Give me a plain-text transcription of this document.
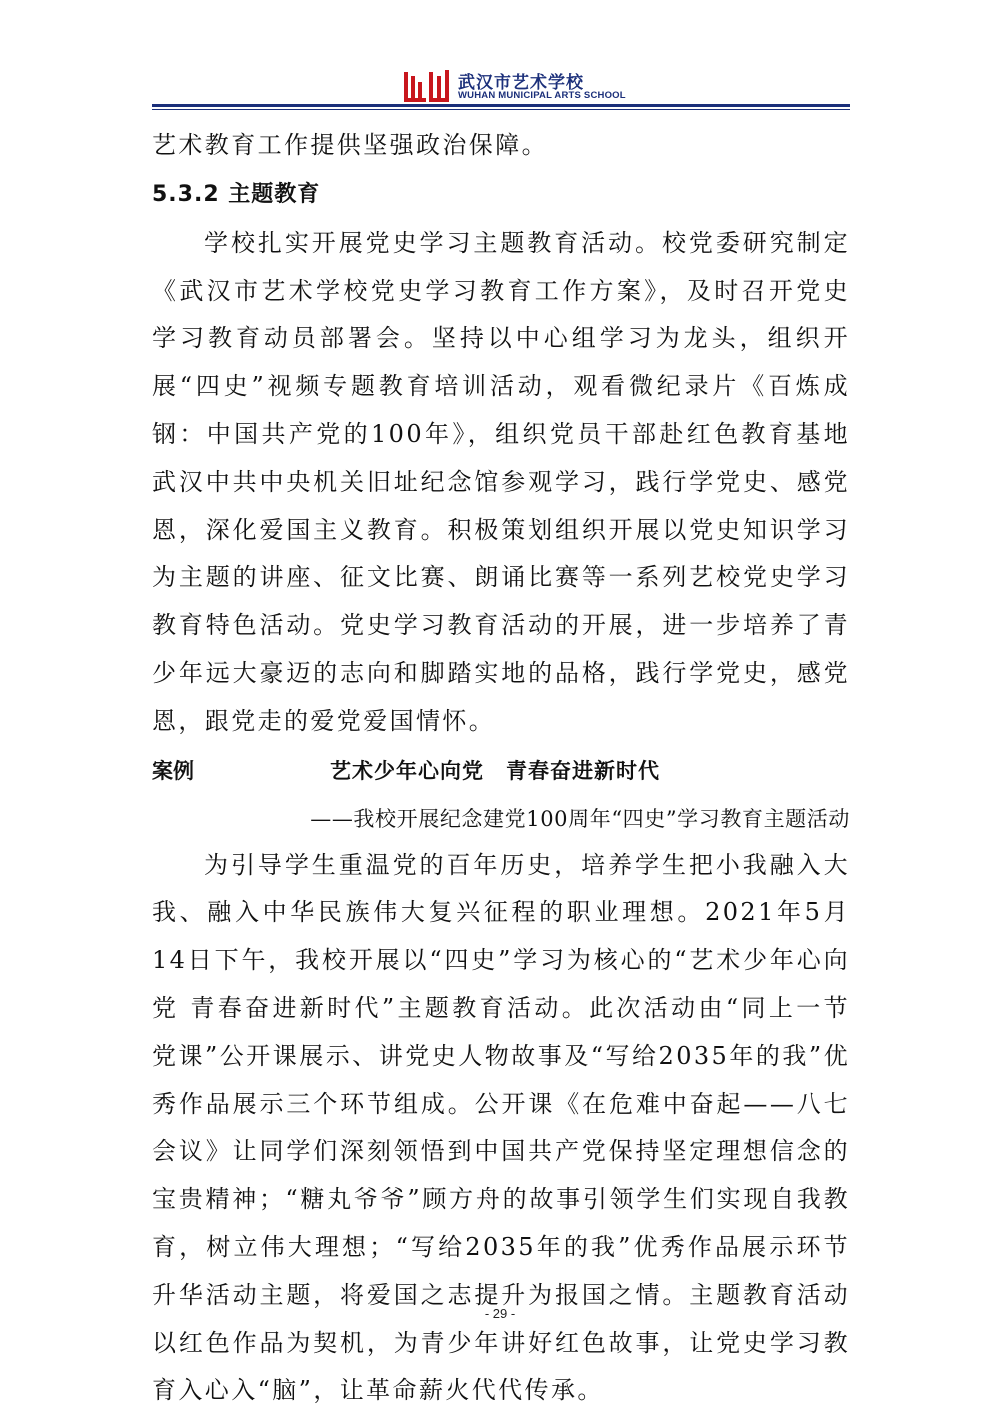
武汉市艺术学校
WUHAN MUNICIPAL ARTS SCHOOL

艺术教育工作提供坚强政治保障。

5.3.2 主题教育

学校扎实开展党史学习主题教育活动。校党委研究制定《武汉市艺术学校党史学习教育工作方案》，及时召开党史学习教育动员部署会。坚持以中心组学习为龙头，组织开展“四史”视频专题教育培训活动，观看微纪录片《百炼成钢：中国共产党的100年》，组织党员干部赴红色教育基地武汉中共中央机关旧址纪念馆参观学习，践行学党史、感党恩，深化爱国主义教育。积极策划组织开展以党史知识学习为主题的讲座、征文比赛、朗诵比赛等一系列艺校党史学习教育特色活动。党史学习教育活动的开展，进一步培养了青少年远大豪迈的志向和脚踏实地的品格，践行学党史，感党恩，跟党走的爱党爱国情怀。

案例	艺术少年心向党　青春奋进新时代

——我校开展纪念建党100周年“四史”学习教育主题活动

为引导学生重温党的百年历史，培养学生把小我融入大我、融入中华民族伟大复兴征程的职业理想。2021年5月14日下午，我校开展以“四史”学习为核心的“艺术少年心向党 青春奋进新时代”主题教育活动。此次活动由“同上一节党课”公开课展示、讲党史人物故事及“写给2035年的我”优秀作品展示三个环节组成。公开课《在危难中奋起——八七会议》让同学们深刻领悟到中国共产党保持坚定理想信念的宝贵精神；“糖丸爷爷”顾方舟的故事引领学生们实现自我教育，树立伟大理想；“写给2035年的我”优秀作品展示环节升华活动主题，将爱国之志提升为报国之情。主题教育活动以红色作品为契机，为青少年讲好红色故事，让党史学习教育入心入“脑”，让革命薪火代代传承。

- 29 -
